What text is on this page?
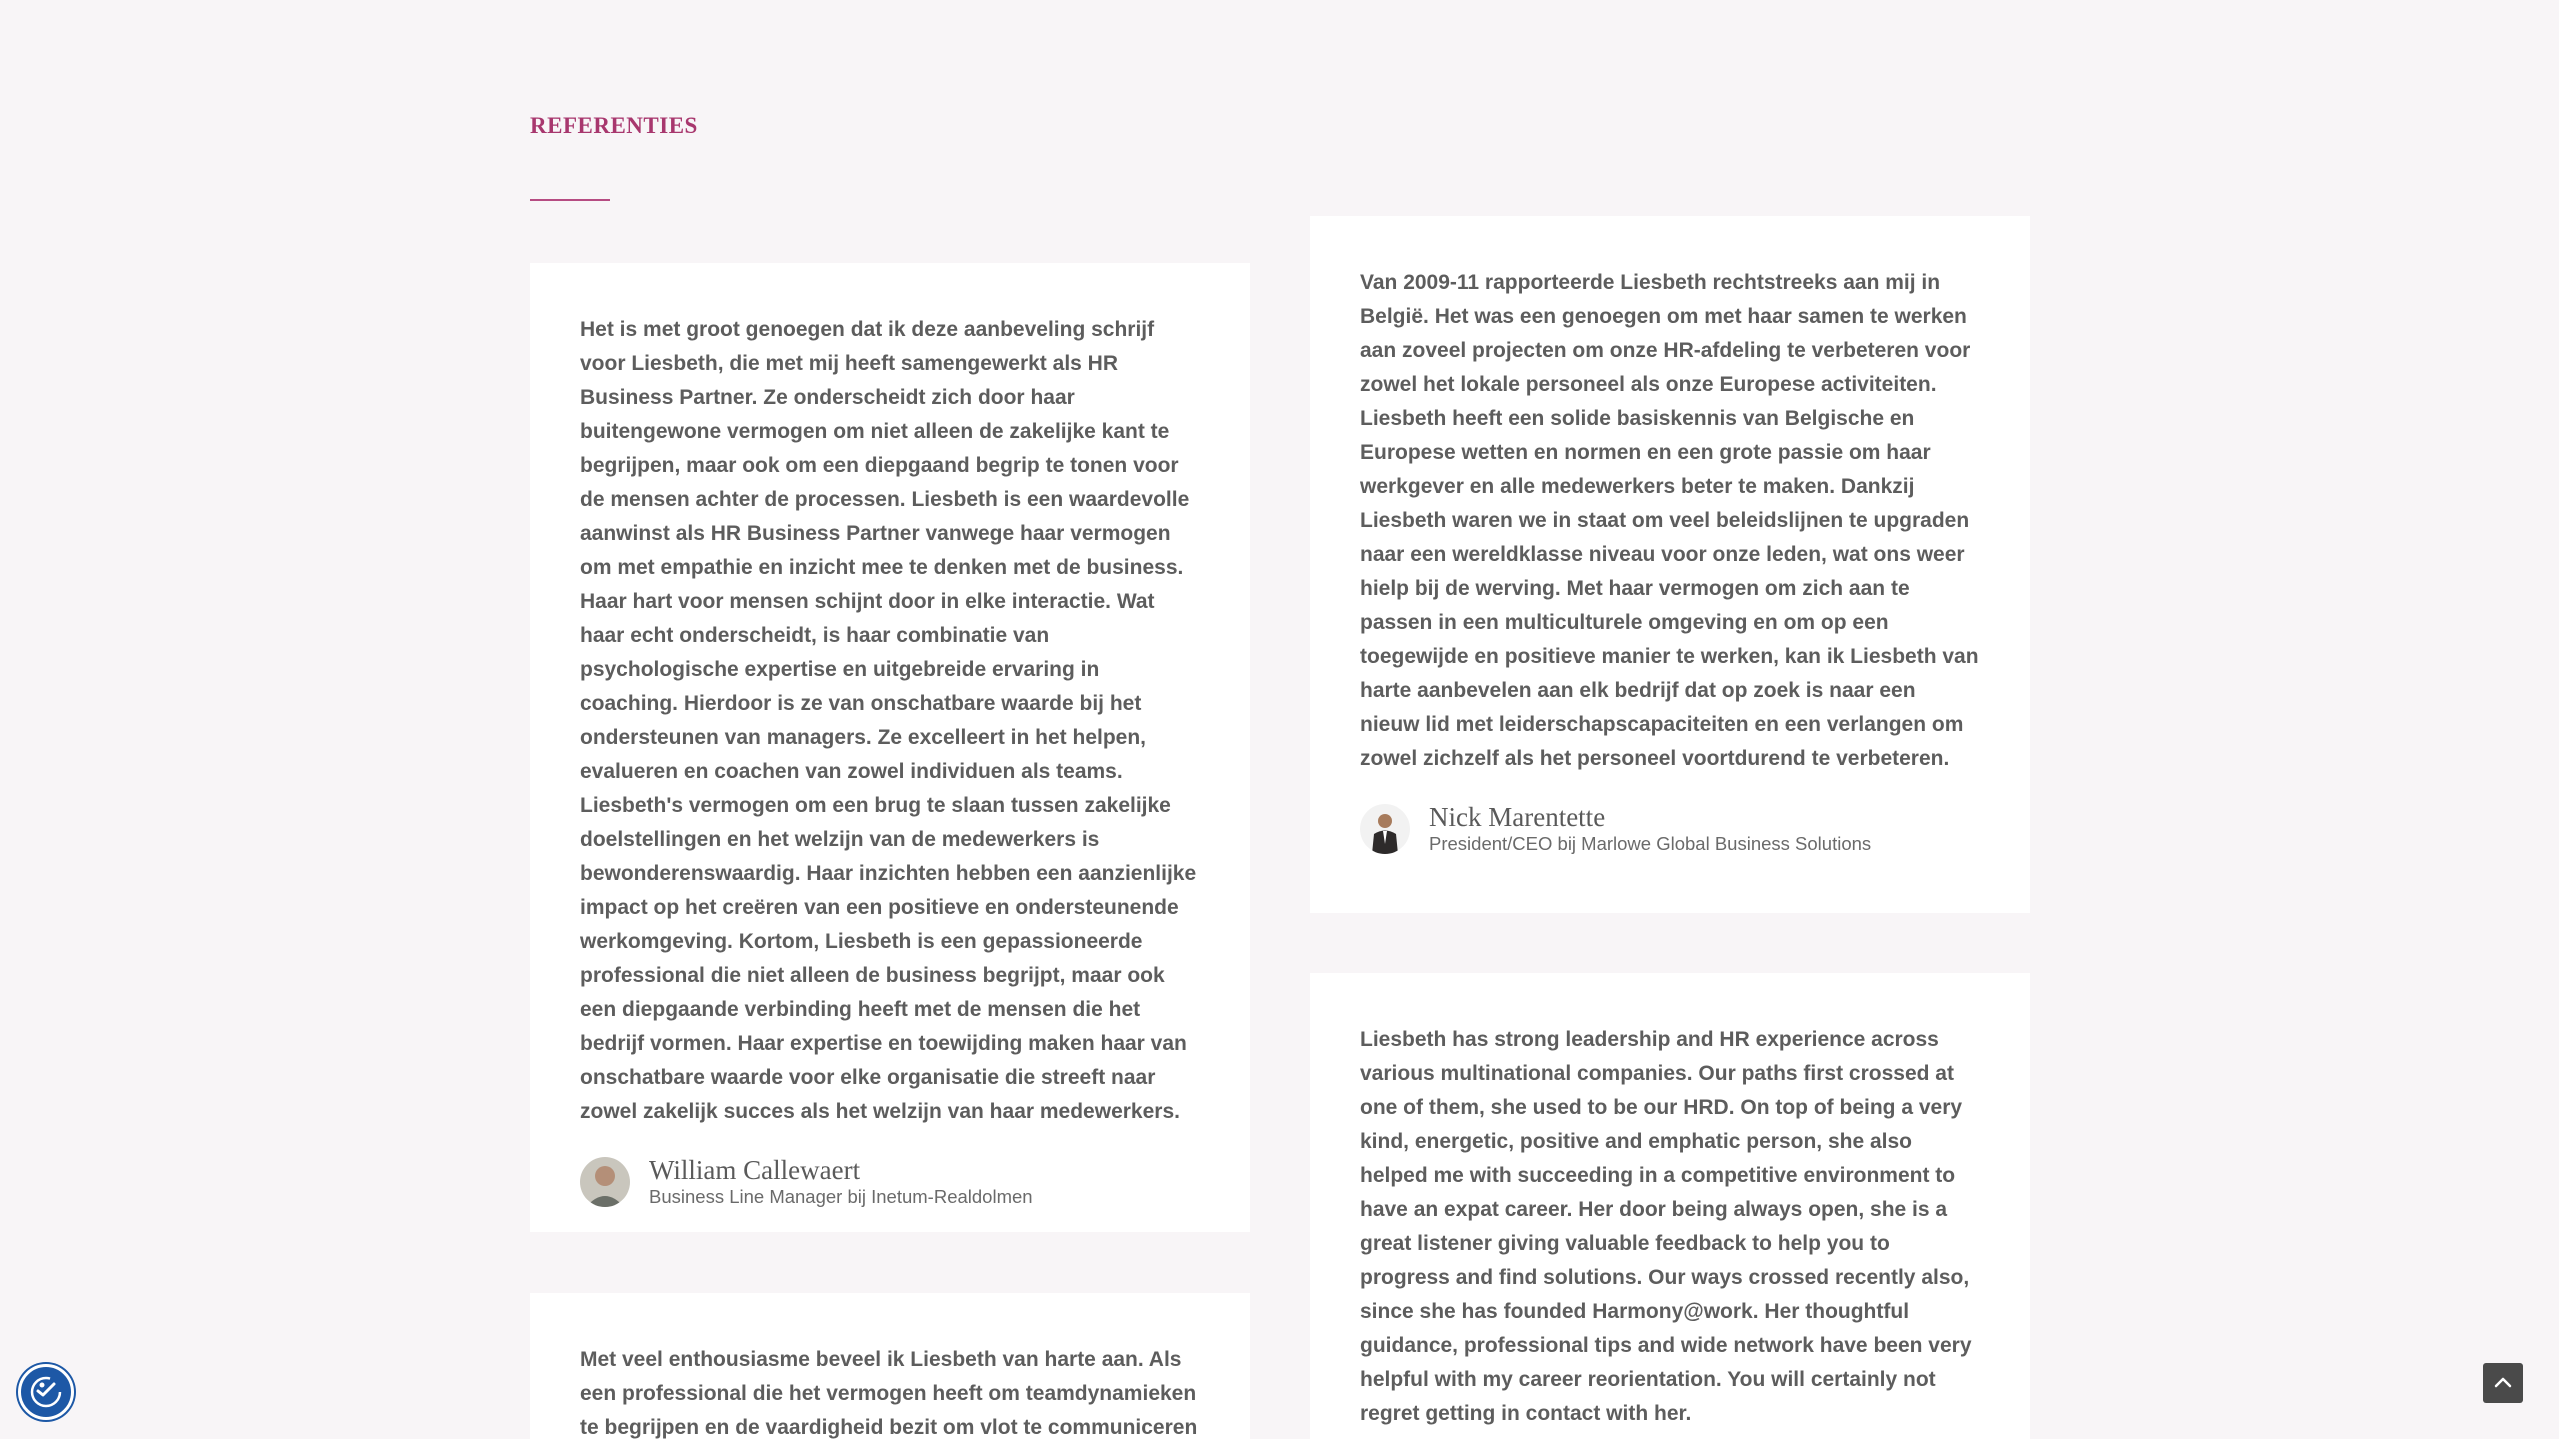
REFERENTIES

Het is met groot genoegen dat ik deze aanbeveling schrijf voor Liesbeth, die met mij heeft samengewerkt als HR Business Partner. Ze onderscheidt zich door haar buitengewone vermogen om niet alleen de zakelijke kant te begrijpen, maar ook om een diepgaand begrip te tonen voor de mensen achter de processen. Liesbeth is een waardevolle aanwinst als HR Business Partner vanwege haar vermogen om met empathie en inzicht mee te denken met de business. Haar hart voor mensen schijnt door in elke interactie. Wat haar echt onderscheidt, is haar combinatie van psychologische expertise en uitgebreide ervaring in coaching. Hierdoor is ze van onschatbare waarde bij het ondersteunen van managers. Ze excelleert in het helpen, evalueren en coachen van zowel individuen als teams. Liesbeth's vermogen om een brug te slaan tussen zakelijke doelstellingen en het welzijn van de medewerkers is bewonderenswaardig. Haar inzichten hebben een aanzienlijke impact op het creëren van een positieve en ondersteunende werkomgeving. Kortom, Liesbeth is een gepassioneerde professional die niet alleen de business begrijpt, maar ook een diepgaande verbinding heeft met de mensen die het bedrijf vormen. Haar expertise en toewijding maken haar van onschatbare waarde voor elke organisatie die streeft naar zowel zakelijk succes als het welzijn van haar medewerkers.

William Callewaert
Business Line Manager bij Inetum-Realdolmen

Van 2009-11 rapporteerde Liesbeth rechtstreeks aan mij in België. Het was een genoegen om met haar samen te werken aan zoveel projecten om onze HR-afdeling te verbeteren voor zowel het lokale personeel als onze Europese activiteiten. Liesbeth heeft een solide basiskennis van Belgische en Europese wetten en normen en een grote passie om haar werkgever en alle medewerkers beter te maken. Dankzij Liesbeth waren we in staat om veel beleidslijnen te upgraden naar een wereldklasse niveau voor onze leden, wat ons weer hielp bij de werving. Met haar vermogen om zich aan te passen in een multiculturele omgeving en om op een toegewijde en positieve manier te werken, kan ik Liesbeth van harte aanbevelen aan elk bedrijf dat op zoek is naar een nieuw lid met leiderschapscapaciteiten en een verlangen om zowel zichzelf als het personeel voortdurend te verbeteren.

Nick Marentette
President/CEO bij Marlowe Global Business Solutions

Met veel enthousiasme beveel ik Liesbeth van harte aan. Als een professional die het vermogen heeft om teamdynamieken te begrijpen en de vaardigheid bezit om vlot te communiceren

Liesbeth has strong leadership and HR experience across various multinational companies. Our paths first crossed at one of them, she used to be our HRD. On top of being a very kind, energetic, positive and emphatic person, she also helped me with succeeding in a competitive environment to have an expat career. Her door being always open, she is a great listener giving valuable feedback to help you to progress and find solutions. Our ways crossed recently also, since she has founded Harmony@work. Her thoughtful guidance, professional tips and wide network have been very helpful with my career reorientation. You will certainly not regret getting in contact with her.
